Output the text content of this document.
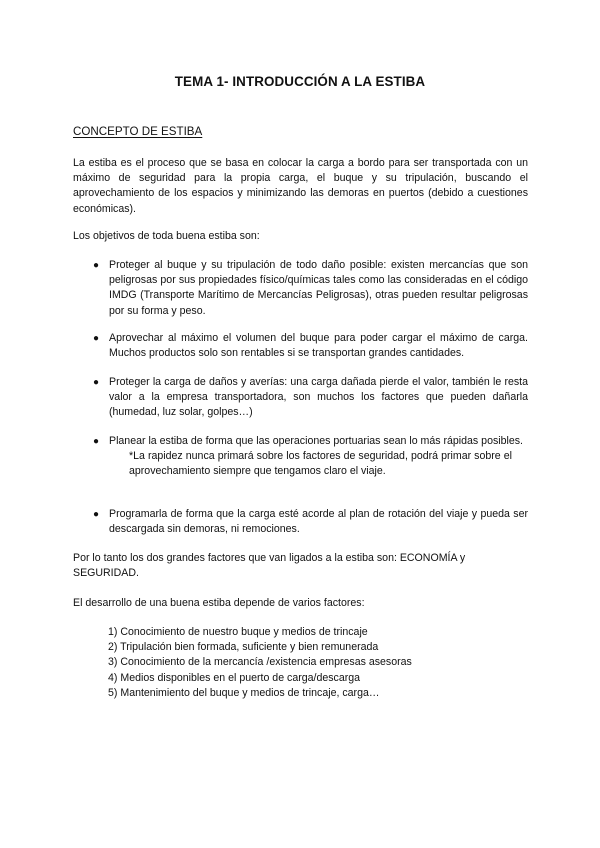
TEMA 1- INTRODUCCIÓN A LA ESTIBA
CONCEPTO DE ESTIBA

La estiba es el proceso que se basa en colocar la carga a bordo para ser transportada con un máximo de seguridad para la propia carga, el buque y su tripulación, buscando el aprovechamiento de los espacios y minimizando las demoras en puertos (debido a cuestiones económicas).

Los objetivos de toda buena estiba son:

● Proteger al buque y su tripulación de todo daño posible: existen mercancías que son peligrosas por sus propiedades físico/químicas tales como las consideradas en el código IMDG (Transporte Marítimo de Mercancías Peligrosas), otras pueden resultar peligrosas por su forma y peso.
● Aprovechar al máximo el volumen del buque para poder cargar el máximo de carga. Muchos productos solo son rentables si se transportan grandes cantidades.
● Proteger la carga de daños y averías: una carga dañada pierde el valor, también le resta valor a la empresa transportadora, son muchos los factores que pueden dañarla (humedad, luz solar, golpes…)
● Planear la estiba de forma que las operaciones portuarias sean lo más rápidas posibles.
*La rapidez nunca primará sobre los factores de seguridad, podrá primar sobre el aprovechamiento siempre que tengamos claro el viaje.
● Programarla de forma que la carga esté acorde al plan de rotación del viaje y pueda ser descargada sin demoras, ni remociones.

Por lo tanto los dos grandes factores que van ligados a la estiba son: ECONOMÍA y SEGURIDAD.

El desarrollo de una buena estiba depende de varios factores:

1) Conocimiento de nuestro buque y medios de trincaje
2) Tripulación bien formada, suficiente y bien remunerada
3) Conocimiento de la mercancía /existencia empresas asesoras
4) Medios disponibles en el puerto de carga/descarga
5) Mantenimiento del buque y medios de trincaje, carga…
